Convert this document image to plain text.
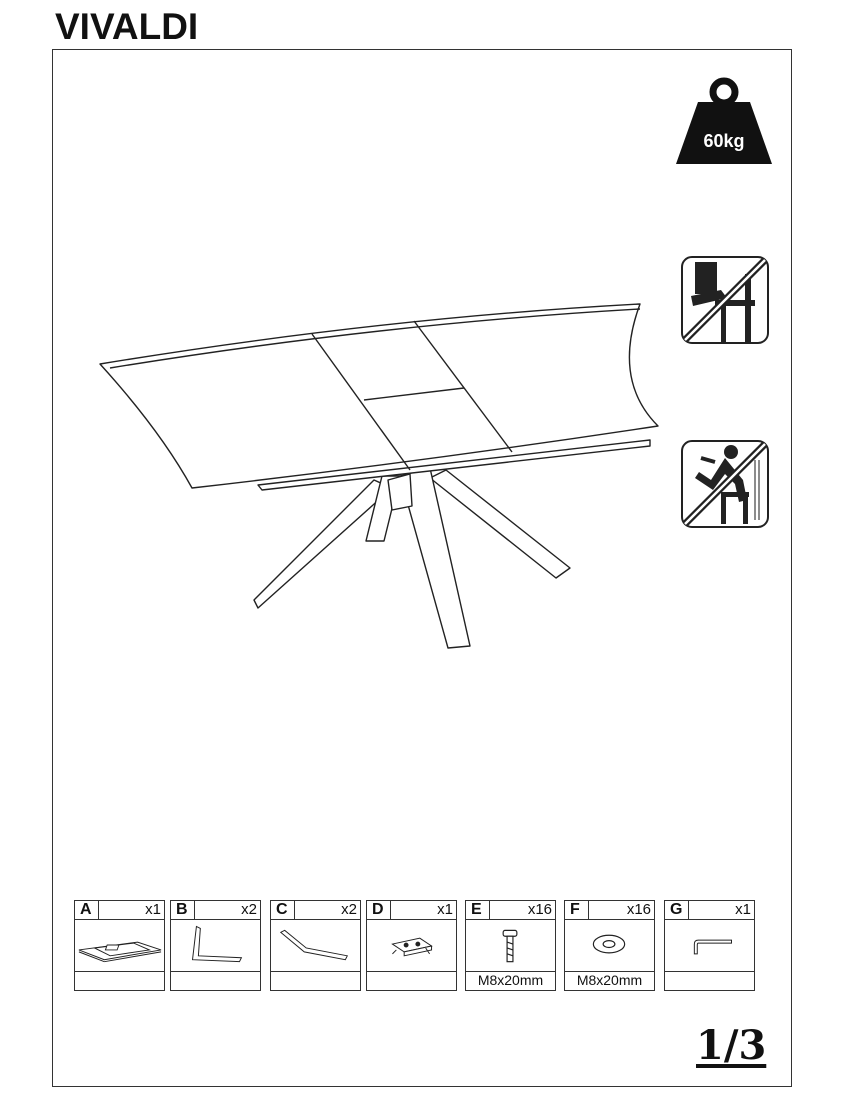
VIVALDI
60kg
A	x1 B	x2	C	x2 D	x1	E	x16
M8x20mm
F	x16
M8x20mm
G	x1
1/3
